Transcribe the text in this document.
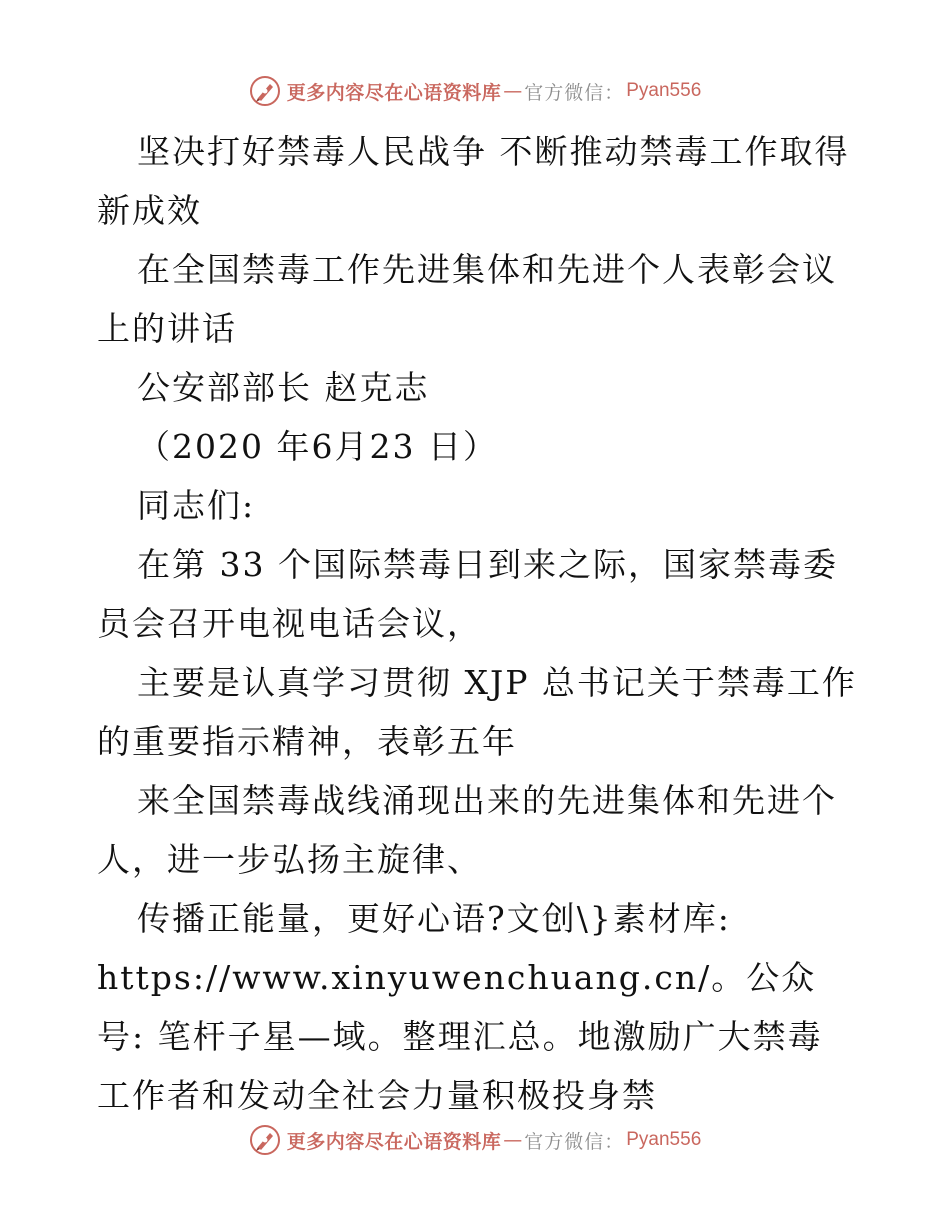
更多内容尽在心语资料库 — 官方微信： Pyan556

坚决打好禁毒人民战争 不断推动禁毒工作取得新成效

在全国禁毒工作先进集体和先进个人表彰会议上的讲话

公安部部长 赵克志

（2020 年6月23 日）

同志们:

在第 33 个国际禁毒日到来之际，国家禁毒委员会召开电视电话会议，

主要是认真学习贯彻 XJP 总书记关于禁毒工作的重要指示精神，表彰五年

来全国禁毒战线涌现出来的先进集体和先进个人，进一步弘扬主旋律、

传播正能量，更好心语?文创\}素材库:

https://www.xinyuwenchuang.cn/。公众号: 笔杆子星—域。整理汇总。地激励广大禁毒工作者和发动全社会力量积极投身禁

更多内容尽在心语资料库 — 官方微信： Pyan556
